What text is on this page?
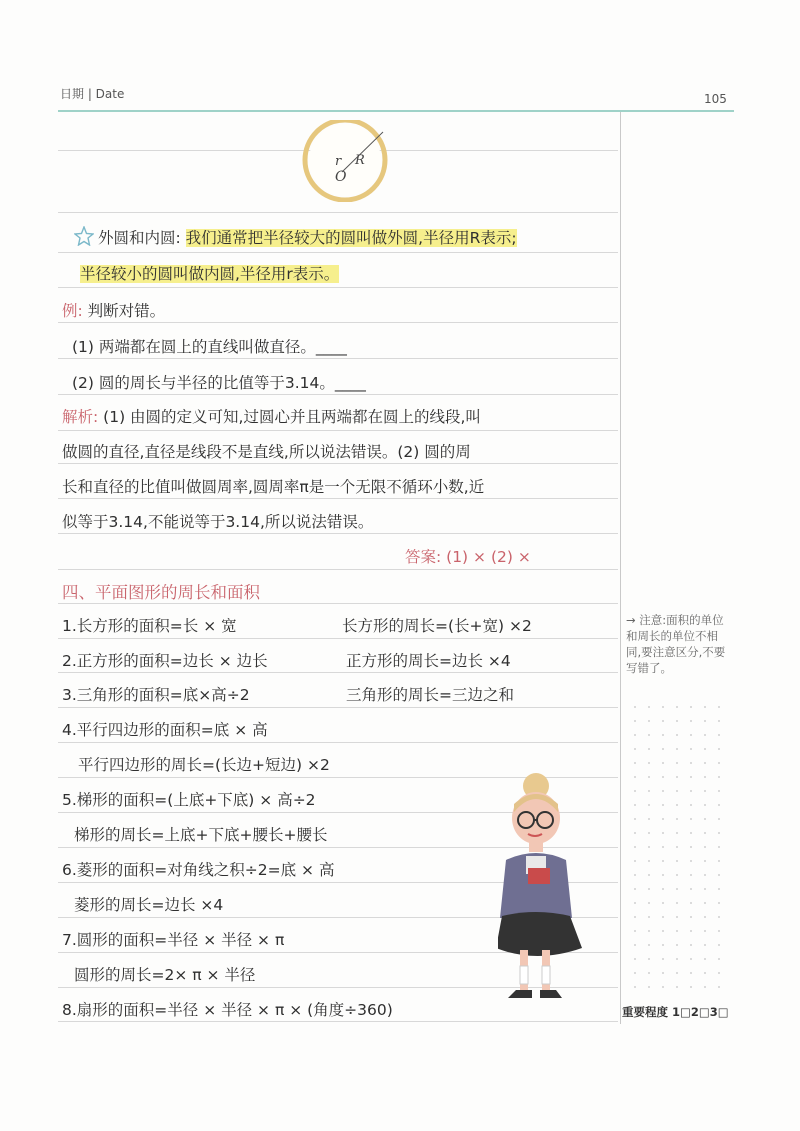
日期 | Date	105
r R
O
外圆和内圆: 我们通常把半径较大的圆叫做外圆,半径用R表示;
半径较小的圆叫做内圆,半径用r表示。
例: 判断对错。
(1) 两端都在圆上的直线叫做直径。____
(2) 圆的周长与半径的比值等于3.14。____
解析: (1) 由圆的定义可知,过圆心并且两端都在圆上的线段,叫
做圆的直径,直径是线段不是直线,所以说法错误。(2) 圆的周
长和直径的比值叫做圆周率,圆周率π是一个无限不循环小数,近
似等于3.14,不能说等于3.14,所以说法错误。
答案: (1) × (2) ×
四、平面图形的周长和面积
1.长方形的面积=长 × 宽	长方形的周长=(长+宽) ×2
2.正方形的面积=边长 × 边长	正方形的周长=边长 ×4
3.三角形的面积=底×高÷2	三角形的周长=三边之和
4.平行四边形的面积=底 × 高
平行四边形的周长=(长边+短边) ×2
5.梯形的面积=(上底+下底) × 高÷2
梯形的周长=上底+下底+腰长+腰长
6.菱形的面积=对角线之积÷2=底 × 高
菱形的周长=边长 ×4
7.圆形的面积=半径 × 半径 × π
圆形的周长=2× π × 半径
8.扇形的面积=半径 × 半径 × π × (角度÷360)
→ 注意:面积的单位和周长的单位不相同,要注意区分,不要写错了。
重要程度 1□2□3□
